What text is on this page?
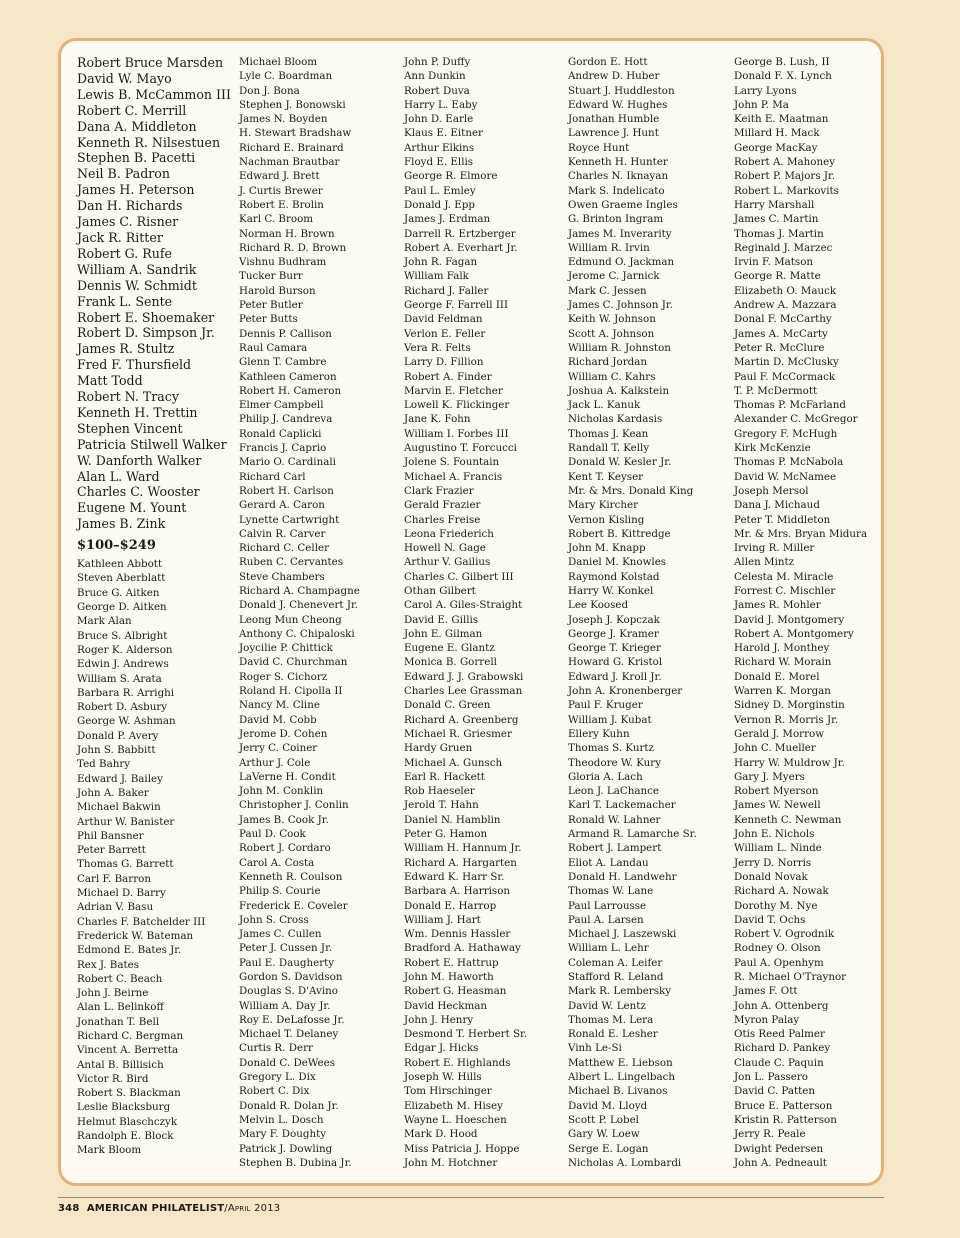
Robert Bruce Marsden
David W. Mayo
Lewis B. McCammon III
Robert C. Merrill
Dana A. Middleton
Kenneth R. Nilsestuen
Stephen B. Pacetti
Neil B. Padron
James H. Peterson
Dan H. Richards
James C. Risner
Jack R. Ritter
Robert G. Rufe
William A. Sandrik
Dennis W. Schmidt
Frank L. Sente
Robert E. Shoemaker
Robert D. Simpson Jr.
James R. Stultz
Fred F. Thursfield
Matt Todd
Robert N. Tracy
Kenneth H. Trettin
Stephen Vincent
Patricia Stilwell Walker
W. Danforth Walker
Alan L. Ward
Charles C. Wooster
Eugene M. Yount
James B. Zink
$100–$249
Kathleen Abbott
Steven Aberblatt
Bruce G. Aitken
George D. Aitken
Mark Alan
Bruce S. Albright
Roger K. Alderson
Edwin J. Andrews
William S. Arata
Barbara R. Arrighi
Robert D. Asbury
George W. Ashman
Donald P. Avery
John S. Babbitt
Ted Bahry
Edward J. Bailey
John A. Baker
Michael Bakwin
Arthur W. Banister
Phil Bansner
Peter Barrett
Thomas G. Barrett
Carl F. Barron
Michael D. Barry
Adrian V. Basu
Charles F. Batchelder III
Frederick W. Bateman
Edmond E. Bates Jr.
Rex J. Bates
Robert C. Beach
John J. Beirne
Alan L. Belinkoff
Jonathan T. Bell
Richard C. Bergman
Vincent A. Berretta
Antal B. Billisich
Victor R. Bird
Robert S. Blackman
Leslie Blacksburg
Helmut Blaschczyk
Randolph E. Block
Mark Bloom
Michael Bloom
Lyle C. Boardman
Don J. Bona
Stephen J. Bonowski
James N. Boyden
H. Stewart Bradshaw
Richard E. Brainard
Nachman Brautbar
Edward J. Brett
J. Curtis Brewer
Robert E. Brolin
Karl C. Broom
Norman H. Brown
Richard R. D. Brown
Vishnu Budhram
Tucker Burr
Harold Burson
Peter Butler
Peter Butts
Dennis P. Callison
Raul Camara
Glenn T. Cambre
Kathleen Cameron
Robert H. Cameron
Elmer Campbell
Philip J. Candreva
Ronald Caplicki
Francis J. Caprio
Mario O. Cardinali
Richard Carl
Robert H. Carlson
Gerard A. Caron
Lynette Cartwright
Calvin R. Carver
Richard C. Celler
Ruben C. Cervantes
Steve Chambers
Richard A. Champagne
Donald J. Chenevert Jr.
Leong Mun Cheong
Anthony C. Chipaloski
Joycilie P. Chittick
David C. Churchman
Roger S. Cichorz
Roland H. Cipolla II
Nancy M. Cline
David M. Cobb
Jerome D. Cohen
Jerry C. Coiner
Arthur J. Cole
LaVerne H. Condit
John M. Conklin
Christopher J. Conlin
James B. Cook Jr.
Paul D. Cook
Robert J. Cordaro
Carol A. Costa
Kenneth R. Coulson
Philip S. Courie
Frederick E. Coveler
John S. Cross
James C. Cullen
Peter J. Cussen Jr.
Paul E. Daugherty
Gordon S. Davidson
Douglas S. D'Avino
William A. Day Jr.
Roy E. DeLafosse Jr.
Michael T. Delaney
Curtis R. Derr
Donald C. DeWees
Gregory L. Dix
Robert C. Dix
Donald R. Dolan Jr.
Melvin L. Dosch
Mary F. Doughty
Patrick J. Dowling
Stephen B. Dubina Jr.
John P. Duffy
Ann Dunkin
Robert Duva
Harry L. Eaby
John D. Earle
Klaus E. Eitner
Arthur Elkins
Floyd E. Ellis
George R. Elmore
Paul L. Emley
Donald J. Epp
James J. Erdman
Darrell R. Ertzberger
Robert A. Everhart Jr.
John R. Fagan
William Falk
Richard J. Faller
George F. Farrell III
David Feldman
Verlon E. Feller
Vera R. Felts
Larry D. Fillion
Robert A. Finder
Marvin E. Fletcher
Lowell K. Flickinger
Jane K. Fohn
William I. Forbes III
Augustino T. Forcucci
Jolene S. Fountain
Michael A. Francis
Clark Frazier
Gerald Frazier
Charles Freise
Leona Friederich
Howell N. Gage
Arthur V. Gailius
Charles C. Gilbert III
Othan Gilbert
Carol A. Giles-Straight
David E. Gillis
John E. Gilman
Eugene E. Glantz
Monica B. Gorrell
Edward J. J. Grabowski
Charles Lee Grassman
Donald C. Green
Richard A. Greenberg
Michael R. Griesmer
Hardy Gruen
Michael A. Gunsch
Earl R. Hackett
Rob Haeseler
Jerold T. Hahn
Daniel N. Hamblin
Peter G. Hamon
William H. Hannum Jr.
Richard A. Hargarten
Edward K. Harr Sr.
Barbara A. Harrison
Donald E. Harrop
William J. Hart
Wm. Dennis Hassler
Bradford A. Hathaway
Robert E. Hattrup
John M. Haworth
Robert G. Heasman
David Heckman
John J. Henry
Desmond T. Herbert Sr.
Edgar J. Hicks
Robert E. Highlands
Joseph W. Hills
Tom Hirschinger
Elizabeth M. Hisey
Wayne L. Hoeschen
Mark D. Hood
Miss Patricia J. Hoppe
John M. Hotchner
Gordon E. Hott
Andrew D. Huber
Stuart J. Huddleston
Edward W. Hughes
Jonathan Humble
Lawrence J. Hunt
Royce Hunt
Kenneth H. Hunter
Charles N. Iknayan
Mark S. Indelicato
Owen Graeme Ingles
G. Brinton Ingram
James M. Inverarity
William R. Irvin
Edmund O. Jackman
Jerome C. Jarnick
Mark C. Jessen
James C. Johnson Jr.
Keith W. Johnson
Scott A. Johnson
William R. Johnston
Richard Jordan
William C. Kahrs
Joshua A. Kalkstein
Jack L. Kanuk
Nicholas Kardasis
Thomas J. Kean
Randall T. Kelly
Donald W. Kesler Jr.
Kent T. Keyser
Mr. & Mrs. Donald King
Mary Kircher
Vernon Kisling
Robert B. Kittredge
John M. Knapp
Daniel M. Knowles
Raymond Kolstad
Harry W. Konkel
Lee Koosed
Joseph J. Kopczak
George J. Kramer
George T. Krieger
Howard G. Kristol
Edward J. Kroll Jr.
John A. Kronenberger
Paul F. Kruger
William J. Kubat
Ellery Kuhn
Thomas S. Kurtz
Theodore W. Kury
Gloria A. Lach
Leon J. LaChance
Karl T. Lackemacher
Ronald W. Lahner
Armand R. Lamarche Sr.
Robert J. Lampert
Eliot A. Landau
Donald H. Landwehr
Thomas W. Lane
Paul Larrousse
Paul A. Larsen
Michael J. Laszewski
William L. Lehr
Coleman A. Leifer
Stafford R. Leland
Mark R. Lembersky
David W. Lentz
Thomas M. Lera
Ronald E. Lesher
Vinh Le-Si
Matthew E. Liebson
Albert L. Lingelbach
Michael B. Livanos
David M. Lloyd
Scott P. Lobel
Gary W. Loew
Serge E. Logan
Nicholas A. Lombardi
George B. Lush, II
Donald F. X. Lynch
Larry Lyons
John P. Ma
Keith E. Maatman
Millard H. Mack
George MacKay
Robert A. Mahoney
Robert P. Majors Jr.
Robert L. Markovits
Harry Marshall
James C. Martin
Thomas J. Martin
Reginald J. Marzec
Irvin F. Matson
George R. Matte
Elizabeth O. Mauck
Andrew A. Mazzara
Donal F. McCarthy
James A. McCarty
Peter R. McClure
Martin D. McClusky
Paul F. McCormack
T. P. McDermott
Thomas P. McFarland
Alexander C. McGregor
Gregory F. McHugh
Kirk McKenzie
Thomas P. McNabola
David W. McNamee
Joseph Mersol
Dana J. Michaud
Peter T. Middleton
Mr. & Mrs. Bryan Midura
Irving R. Miller
Allen Mintz
Celesta M. Miracle
Forrest C. Mischler
James R. Mohler
David J. Montgomery
Robert A. Montgomery
Harold J. Monthey
Richard W. Morain
Donald E. Morel
Warren K. Morgan
Sidney D. Morginstin
Vernon R. Morris Jr.
Gerald J. Morrow
John C. Mueller
Harry W. Muldrow Jr.
Gary J. Myers
Robert Myerson
James W. Newell
Kenneth C. Newman
John E. Nichols
William L. Ninde
Jerry D. Norris
Donald Novak
Richard A. Nowak
Dorothy M. Nye
David T. Ochs
Robert V. Ogrodnik
Rodney O. Olson
Paul A. Openhym
R. Michael O'Traynor
James F. Ott
John A. Ottenberg
Myron Palay
Otis Reed Palmer
Richard D. Pankey
Claude C. Paquin
Jon L. Passero
David C. Patten
Bruce E. Patterson
Kristin R. Patterson
Jerry R. Peale
Dwight Pedersen
John A. Pedneault
348 AMERICAN PHILATELIST/April 2013
